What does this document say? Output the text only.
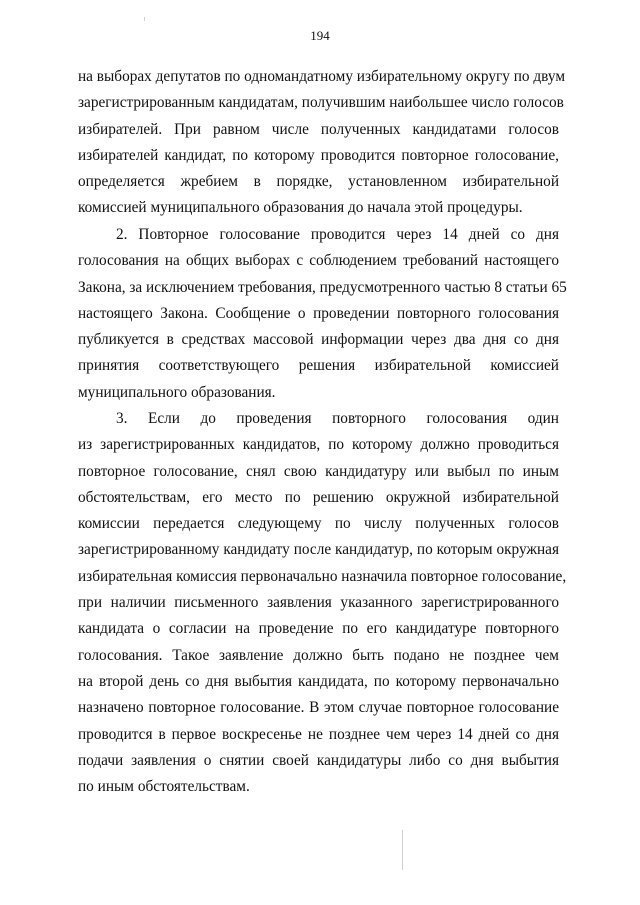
194
на выборах депутатов по одномандатному избирательному округу по двум
зарегистрированным кандидатам, получившим наибольшее число голосов
избирателей. При равном числе полученных кандидатами голосов
избирателей кандидат, по которому проводится повторное голосование,
определяется жребием в порядке, установленном избирательной
комиссией муниципального образования до начала этой процедуры.
2. Повторное голосование проводится через 14 дней со дня
голосования на общих выборах с соблюдением требований настоящего
Закона, за исключением требования, предусмотренного частью 8 статьи 65
настоящего Закона. Сообщение о проведении повторного голосования
публикуется в средствах массовой информации через два дня со дня
принятия соответствующего решения избирательной комиссией
муниципального образования.
3. Если до проведения повторного голосования один
из зарегистрированных кандидатов, по которому должно проводиться
повторное голосование, снял свою кандидатуру или выбыл по иным
обстоятельствам, его место по решению окружной избирательной
комиссии передается следующему по числу полученных голосов
зарегистрированному кандидату после кандидатур, по которым окружная
избирательная комиссия первоначально назначила повторное голосование,
при наличии письменного заявления указанного зарегистрированного
кандидата о согласии на проведение по его кандидатуре повторного
голосования. Такое заявление должно быть подано не позднее чем
на второй день со дня выбытия кандидата, по которому первоначально
назначено повторное голосование. В этом случае повторное голосование
проводится в первое воскресенье не позднее чем через 14 дней со дня
подачи заявления о снятии своей кандидатуры либо со дня выбытия
по иным обстоятельствам.
